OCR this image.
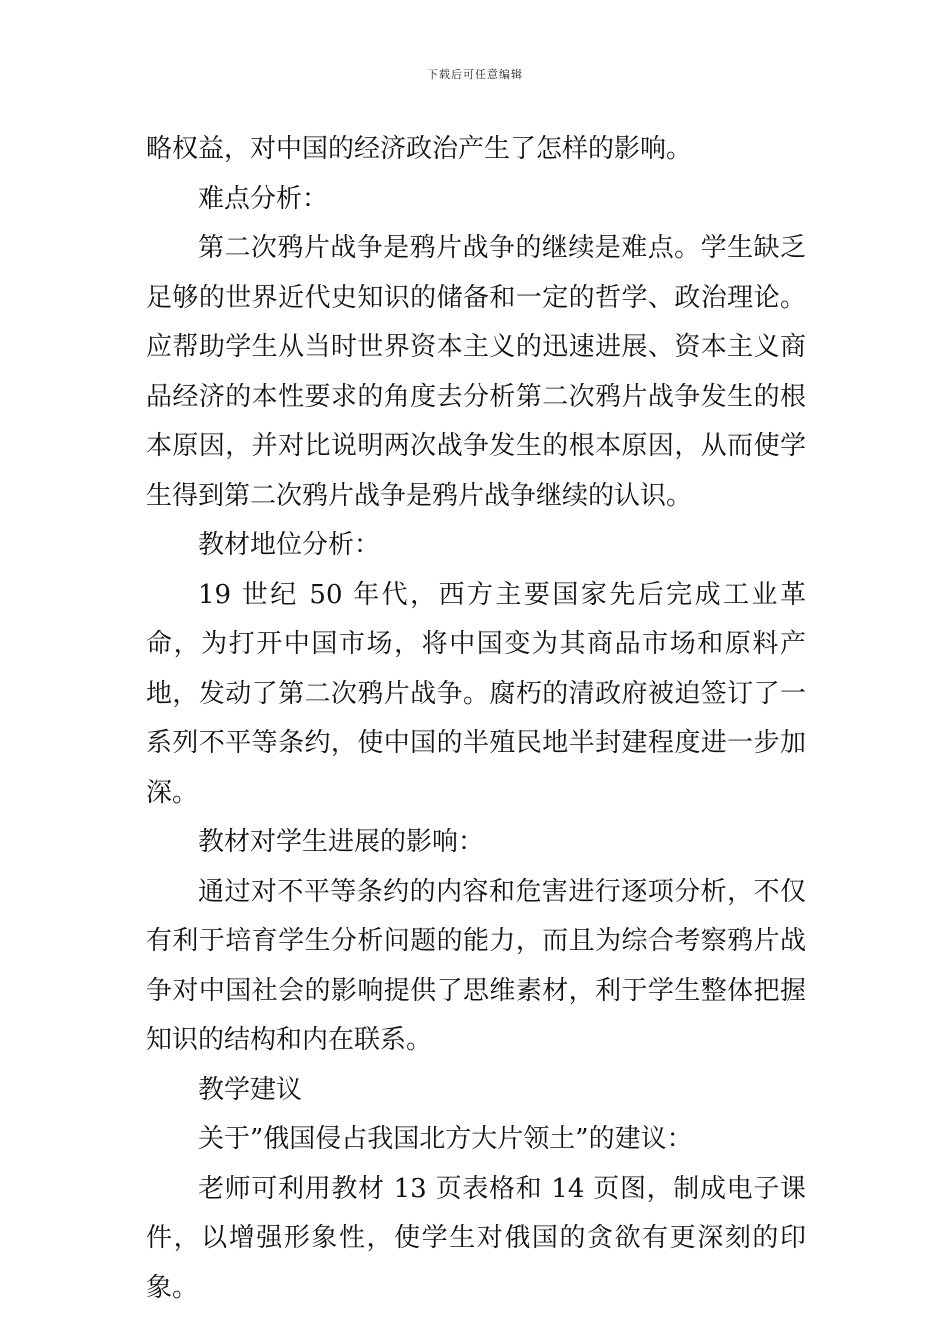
下载后可任意编辑

略权益，对中国的经济政治产生了怎样的影响。

难点分析：

第二次鸦片战争是鸦片战争的继续是难点。学生缺乏足够的世界近代史知识的储备和一定的哲学、政治理论。应帮助学生从当时世界资本主义的迅速进展、资本主义商品经济的本性要求的角度去分析第二次鸦片战争发生的根本原因，并对比说明两次战争发生的根本原因，从而使学生得到第二次鸦片战争是鸦片战争继续的认识。

教材地位分析：

19 世纪 50 年代，西方主要国家先后完成工业革命，为打开中国市场，将中国变为其商品市场和原料产地，发动了第二次鸦片战争。腐朽的清政府被迫签订了一系列不平等条约，使中国的半殖民地半封建程度进一步加深。

教材对学生进展的影响：

通过对不平等条约的内容和危害进行逐项分析，不仅有利于培育学生分析问题的能力，而且为综合考察鸦片战争对中国社会的影响提供了思维素材，利于学生整体把握知识的结构和内在联系。

教学建议

关于”俄国侵占我国北方大片领土”的建议：

老师可利用教材 13 页表格和 14 页图，制成电子课件，以增强形象性，使学生对俄国的贪欲有更深刻的印象。
